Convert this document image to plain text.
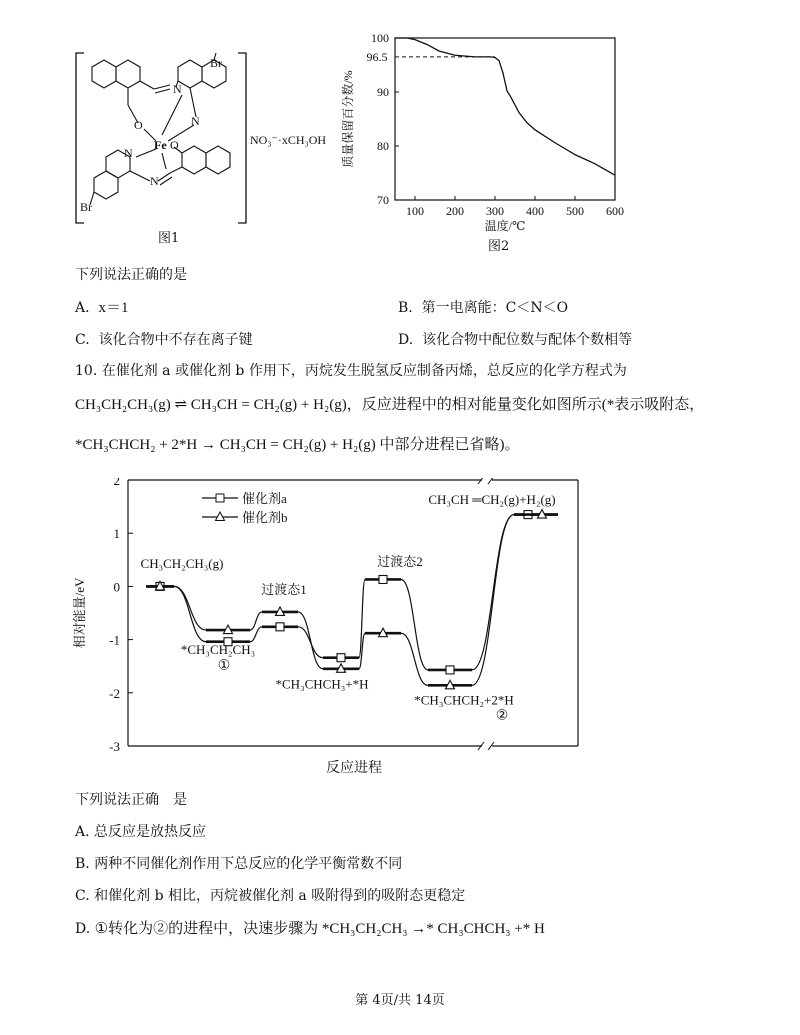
Br
N
N
O
Fe O
N
N
Br
NO₃⁻·xCH₃OH
图1
100 200 300 400 500 600
70
80
90
100
96.5
温度/℃
质量保留百分数/%
图2
下列说法正确的是
A. x＝1	B. 第一电离能：C＜N＜O
C. 该化合物中不存在离子键	D. 该化合物中配位数与配体个数相等
10. 在催化剂 a 或催化剂 b 作用下，丙烷发生脱氢反应制备丙烯，总反应的化学方程式为
CH₃CH₂CH₃(g) ⇌ CH₃CH = CH₂(g) + H₂(g)，反应进程中的相对能量变化如图所示(*表示吸附态，
*CH₃CHCH₂ + 2*H → CH₃CH = CH₂(g) + H₂(g) 中部分进程已省略)。
2
1
0
-1
-2
-3
催化剂a
催化剂b
CH₃CH₂CH₃(g)
*CH₃CH₂CH₃
过渡态1
*CH₃CHCH₃+*H
过渡态2
*CH₃CHCH₂+2*H
CH₃CH ═CH₂(g)+H₂(g)
①
②
相对能量/eV
反应进程
下列说法正确　是
A. 总反应是放热反应
B. 两种不同催化剂作用下总反应的化学平衡常数不同
C. 和催化剂 b 相比，丙烷被催化剂 a 吸附得到的吸附态更稳定
D. ①转化为②的进程中，决速步骤为 *CH₃CH₂CH₃ →* CH₃CHCH₃ +* H
第 4页/共 14页
